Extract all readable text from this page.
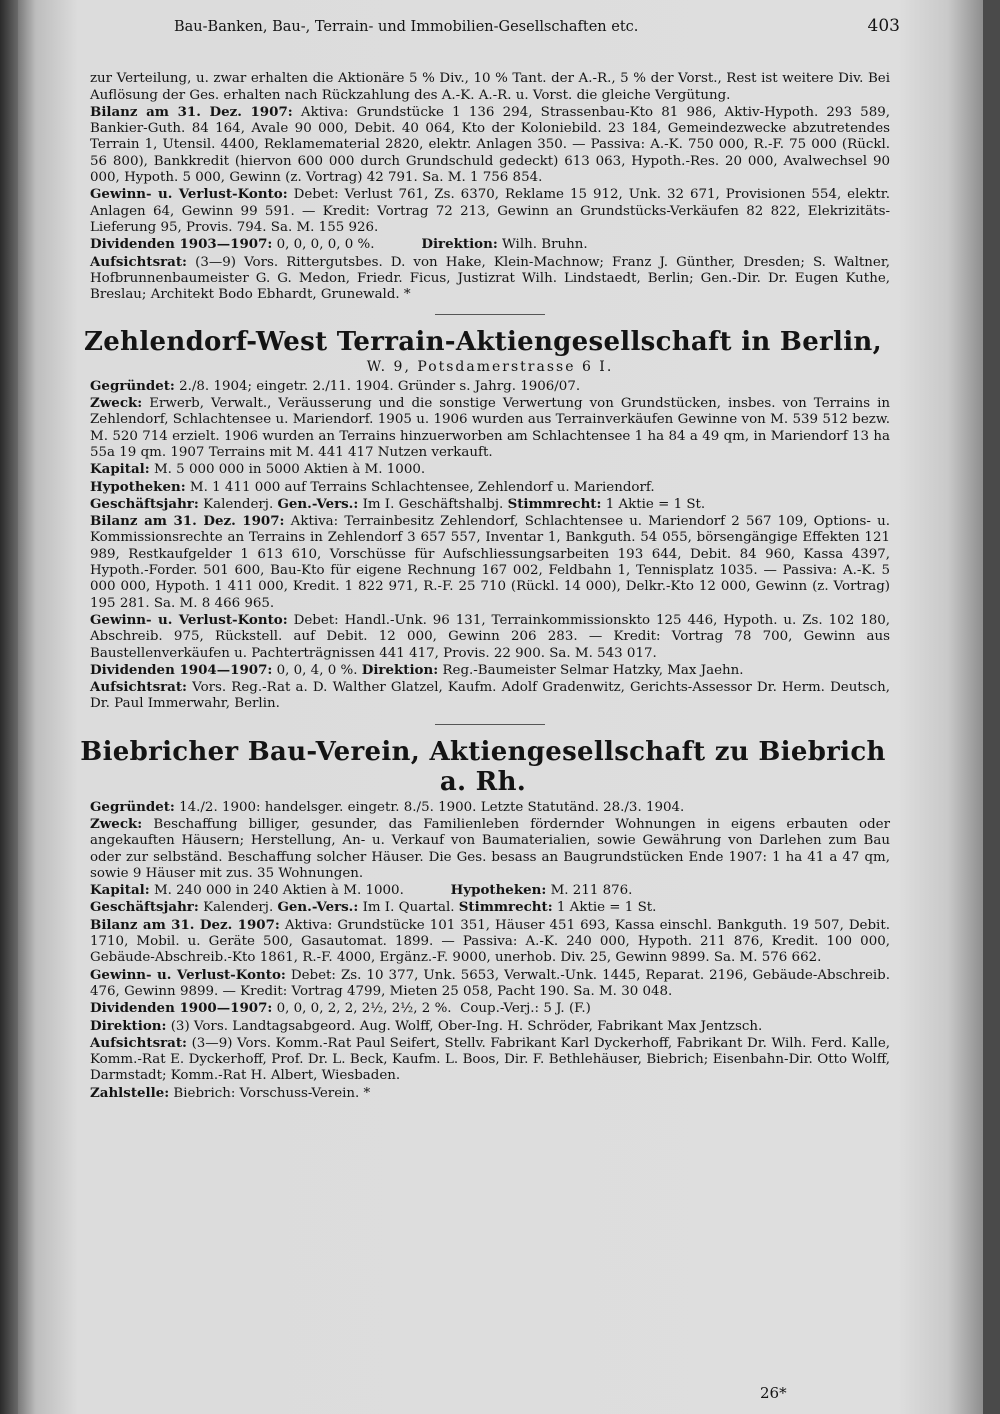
Bau-Banken, Bau-, Terrain- und Immobilien-Gesellschaften etc.	403

zur Verteilung, u. zwar erhalten die Aktionäre 5 % Div., 10 % Tant. der A.-R., 5 % der Vorst., Rest ist weitere Div. Bei Auflösung der Ges. erhalten nach Rückzahlung des A.-K. A.-R. u. Vorst. die gleiche Vergütung.

Bilanz am 31. Dez. 1907: Aktiva: Grundstücke 1 136 294, Strassenbau-Kto 81 986, Aktiv-Hypoth. 293 589, Bankier-Guth. 84 164, Avale 90 000, Debit. 40 064, Kto der Koloniebild. 23 184, Gemeindezwecke abzutretendes Terrain 1, Utensil. 4400, Reklamematerial 2820, elektr. Anlagen 350. — Passiva: A.-K. 750 000, R.-F. 75 000 (Rückl. 56 800), Bankkredit (hiervon 600 000 durch Grundschuld gedeckt) 613 063, Hypoth.-Res. 20 000, Avalwechsel 90 000, Hypoth. 5 000, Gewinn (z. Vortrag) 42 791. Sa. M. 1 756 854.

Gewinn- u. Verlust-Konto: Debet: Verlust 761, Zs. 6370, Reklame 15 912, Unk. 32 671, Provisionen 554, elektr. Anlagen 64, Gewinn 99 591. — Kredit: Vortrag 72 213, Gewinn an Grundstücks-Verkäufen 82 822, Elekrizitäts-Lieferung 95, Provis. 794. Sa. M. 155 926.

Dividenden 1903—1907: 0, 0, 0, 0, 0 %.	Direktion: Wilh. Bruhn.

Aufsichtsrat: (3—9) Vors. Rittergutsbes. D. von Hake, Klein-Machnow; Franz J. Günther, Dresden; S. Waltner, Hofbrunnenbaumeister G. G. Medon, Friedr. Ficus, Justizrat Wilh. Lindstaedt, Berlin; Gen.-Dir. Dr. Eugen Kuthe, Breslau; Architekt Bodo Ebhardt, Grunewald. *

Zehlendorf-West Terrain-Aktiengesellschaft in Berlin,
W. 9, Potsdamerstrasse 6 I.

Gegründet: 2./8. 1904; eingetr. 2./11. 1904. Gründer s. Jahrg. 1906/07.

Zweck: Erwerb, Verwalt., Veräusserung und die sonstige Verwertung von Grundstücken, insbes. von Terrains in Zehlendorf, Schlachtensee u. Mariendorf. 1905 u. 1906 wurden aus Terrainverkäufen Gewinne von M. 539 512 bezw. M. 520 714 erzielt. 1906 wurden an Terrains hinzuerworben am Schlachtensee 1 ha 84 a 49 qm, in Mariendorf 13 ha 55a 19 qm. 1907 Terrains mit M. 441 417 Nutzen verkauft.

Kapital: M. 5 000 000 in 5000 Aktien à M. 1000.

Hypotheken: M. 1 411 000 auf Terrains Schlachtensee, Zehlendorf u. Mariendorf.

Geschäftsjahr: Kalenderj. Gen.-Vers.: Im I. Geschäftshalbj. Stimmrecht: 1 Aktie = 1 St.

Bilanz am 31. Dez. 1907: Aktiva: Terrainbesitz Zehlendorf, Schlachtensee u. Mariendorf 2 567 109, Options- u. Kommissionsrechte an Terrains in Zehlendorf 3 657 557, Inventar 1, Bankguth. 54 055, börsengängige Effekten 121 989, Restkaufgelder 1 613 610, Vorschüsse für Aufschliessungsarbeiten 193 644, Debit. 84 960, Kassa 4397, Hypoth.-Forder. 501 600, Bau-Kto für eigene Rechnung 167 002, Feldbahn 1, Tennisplatz 1035. — Passiva: A.-K. 5 000 000, Hypoth. 1 411 000, Kredit. 1 822 971, R.-F. 25 710 (Rückl. 14 000), Delkr.-Kto 12 000, Gewinn (z. Vortrag) 195 281. Sa. M. 8 466 965.

Gewinn- u. Verlust-Konto: Debet: Handl.-Unk. 96 131, Terrainkommissionskto 125 446, Hypoth. u. Zs. 102 180, Abschreib. 975, Rückstell. auf Debit. 12 000, Gewinn 206 283. — Kredit: Vortrag 78 700, Gewinn aus Baustellenverkäufen u. Pachterträgnissen 441 417, Provis. 22 900. Sa. M. 543 017.

Dividenden 1904—1907: 0, 0, 4, 0 %. Direktion: Reg.-Baumeister Selmar Hatzky, Max Jaehn.

Aufsichtsrat: Vors. Reg.-Rat a. D. Walther Glatzel, Kaufm. Adolf Gradenwitz, Gerichts-Assessor Dr. Herm. Deutsch, Dr. Paul Immerwahr, Berlin.

Biebricher Bau-Verein, Aktiengesellschaft zu Biebrich a. Rh.

Gegründet: 14./2. 1900: handelsger. eingetr. 8./5. 1900. Letzte Statutänd. 28./3. 1904.

Zweck: Beschaffung billiger, gesunder, das Familienleben fördernder Wohnungen in eigens erbauten oder angekauften Häusern; Herstellung, An- u. Verkauf von Baumaterialien, sowie Gewährung von Darlehen zum Bau oder zur selbständ. Beschaffung solcher Häuser. Die Ges. besass an Baugrundstücken Ende 1907: 1 ha 41 a 47 qm, sowie 9 Häuser mit zus. 35 Wohnungen.

Kapital: M. 240 000 in 240 Aktien à M. 1000.	Hypotheken: M. 211 876.

Geschäftsjahr: Kalenderj. Gen.-Vers.: Im I. Quartal. Stimmrecht: 1 Aktie = 1 St.

Bilanz am 31. Dez. 1907: Aktiva: Grundstücke 101 351, Häuser 451 693, Kassa einschl. Bankguth. 19 507, Debit. 1710, Mobil. u. Geräte 500, Gasautomat. 1899. — Passiva: A.-K. 240 000, Hypoth. 211 876, Kredit. 100 000, Gebäude-Abschreib.-Kto 1861, R.-F. 4000, Ergänz.-F. 9000, unerhob. Div. 25, Gewinn 9899. Sa. M. 576 662.

Gewinn- u. Verlust-Konto: Debet: Zs. 10 377, Unk. 5653, Verwalt.-Unk. 1445, Reparat. 2196, Gebäude-Abschreib. 476, Gewinn 9899. — Kredit: Vortrag 4799, Mieten 25 058, Pacht 190. Sa. M. 30 048.

Dividenden 1900—1907: 0, 0, 0, 2, 2, 2½, 2½, 2 %. Coup.-Verj.: 5 J. (F.)

Direktion: (3) Vors. Landtagsabgeord. Aug. Wolff, Ober-Ing. H. Schröder, Fabrikant Max Jentzsch.

Aufsichtsrat: (3—9) Vors. Komm.-Rat Paul Seifert, Stellv. Fabrikant Karl Dyckerhoff, Fabrikant Dr. Wilh. Ferd. Kalle, Komm.-Rat E. Dyckerhoff, Prof. Dr. L. Beck, Kaufm. L. Boos, Dir. F. Bethlehäuser, Biebrich; Eisenbahn-Dir. Otto Wolff, Darmstadt; Komm.-Rat H. Albert, Wiesbaden.

Zahlstelle: Biebrich: Vorschuss-Verein. *

26*
